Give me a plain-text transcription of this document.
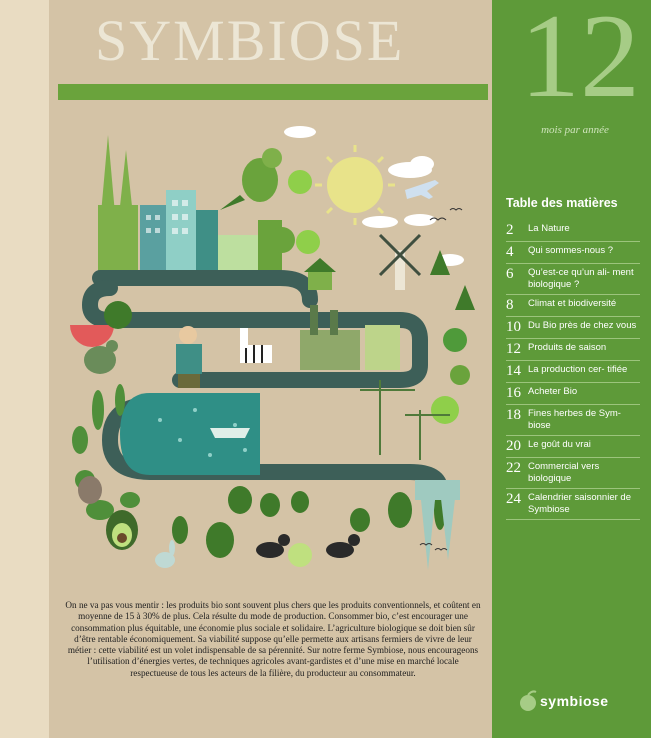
SYMBIOSE

On ne va pas vous mentir : les produits bio sont souvent plus chers que les produits conventionnels, et coûtent en moyenne de 15 à 30% de plus. Cela résulte du mode de production. Consommer bio, c’est encourager une consommation plus équitable, une économie plus sociale et solidaire. L’agriculture biologique se doit bien sûr d’être rentable économiquement. Sa viabilité suppose qu’elle permette aux artisans fermiers de vivre de leur métier : cette viabilité est un volet indispensable de sa pérennité. Sur notre ferme Symbiose, nous encourageons l’utilisation d’énergies vertes, de techniques agricoles avant-gardistes et d’une mise en marché locale respectueuse de tous les acteurs de la filière, du producteur au consommateur.

12
mois par année
Table des matières
2	La Nature
4	Qui sommes-nous ?
6	Qu’est-ce qu’un ali- ment biologique ?
8	Climat et biodiversité
10 Du Bio près de chez vous
12 Produits de saison
14 La production cer- tifiée
16 Acheter Bio
18 Fines herbes de Sym- biose
20 Le goût du vrai
22 Commercial vers biologique
24 Calendrier saisonnier de Symbiose
symbiose
